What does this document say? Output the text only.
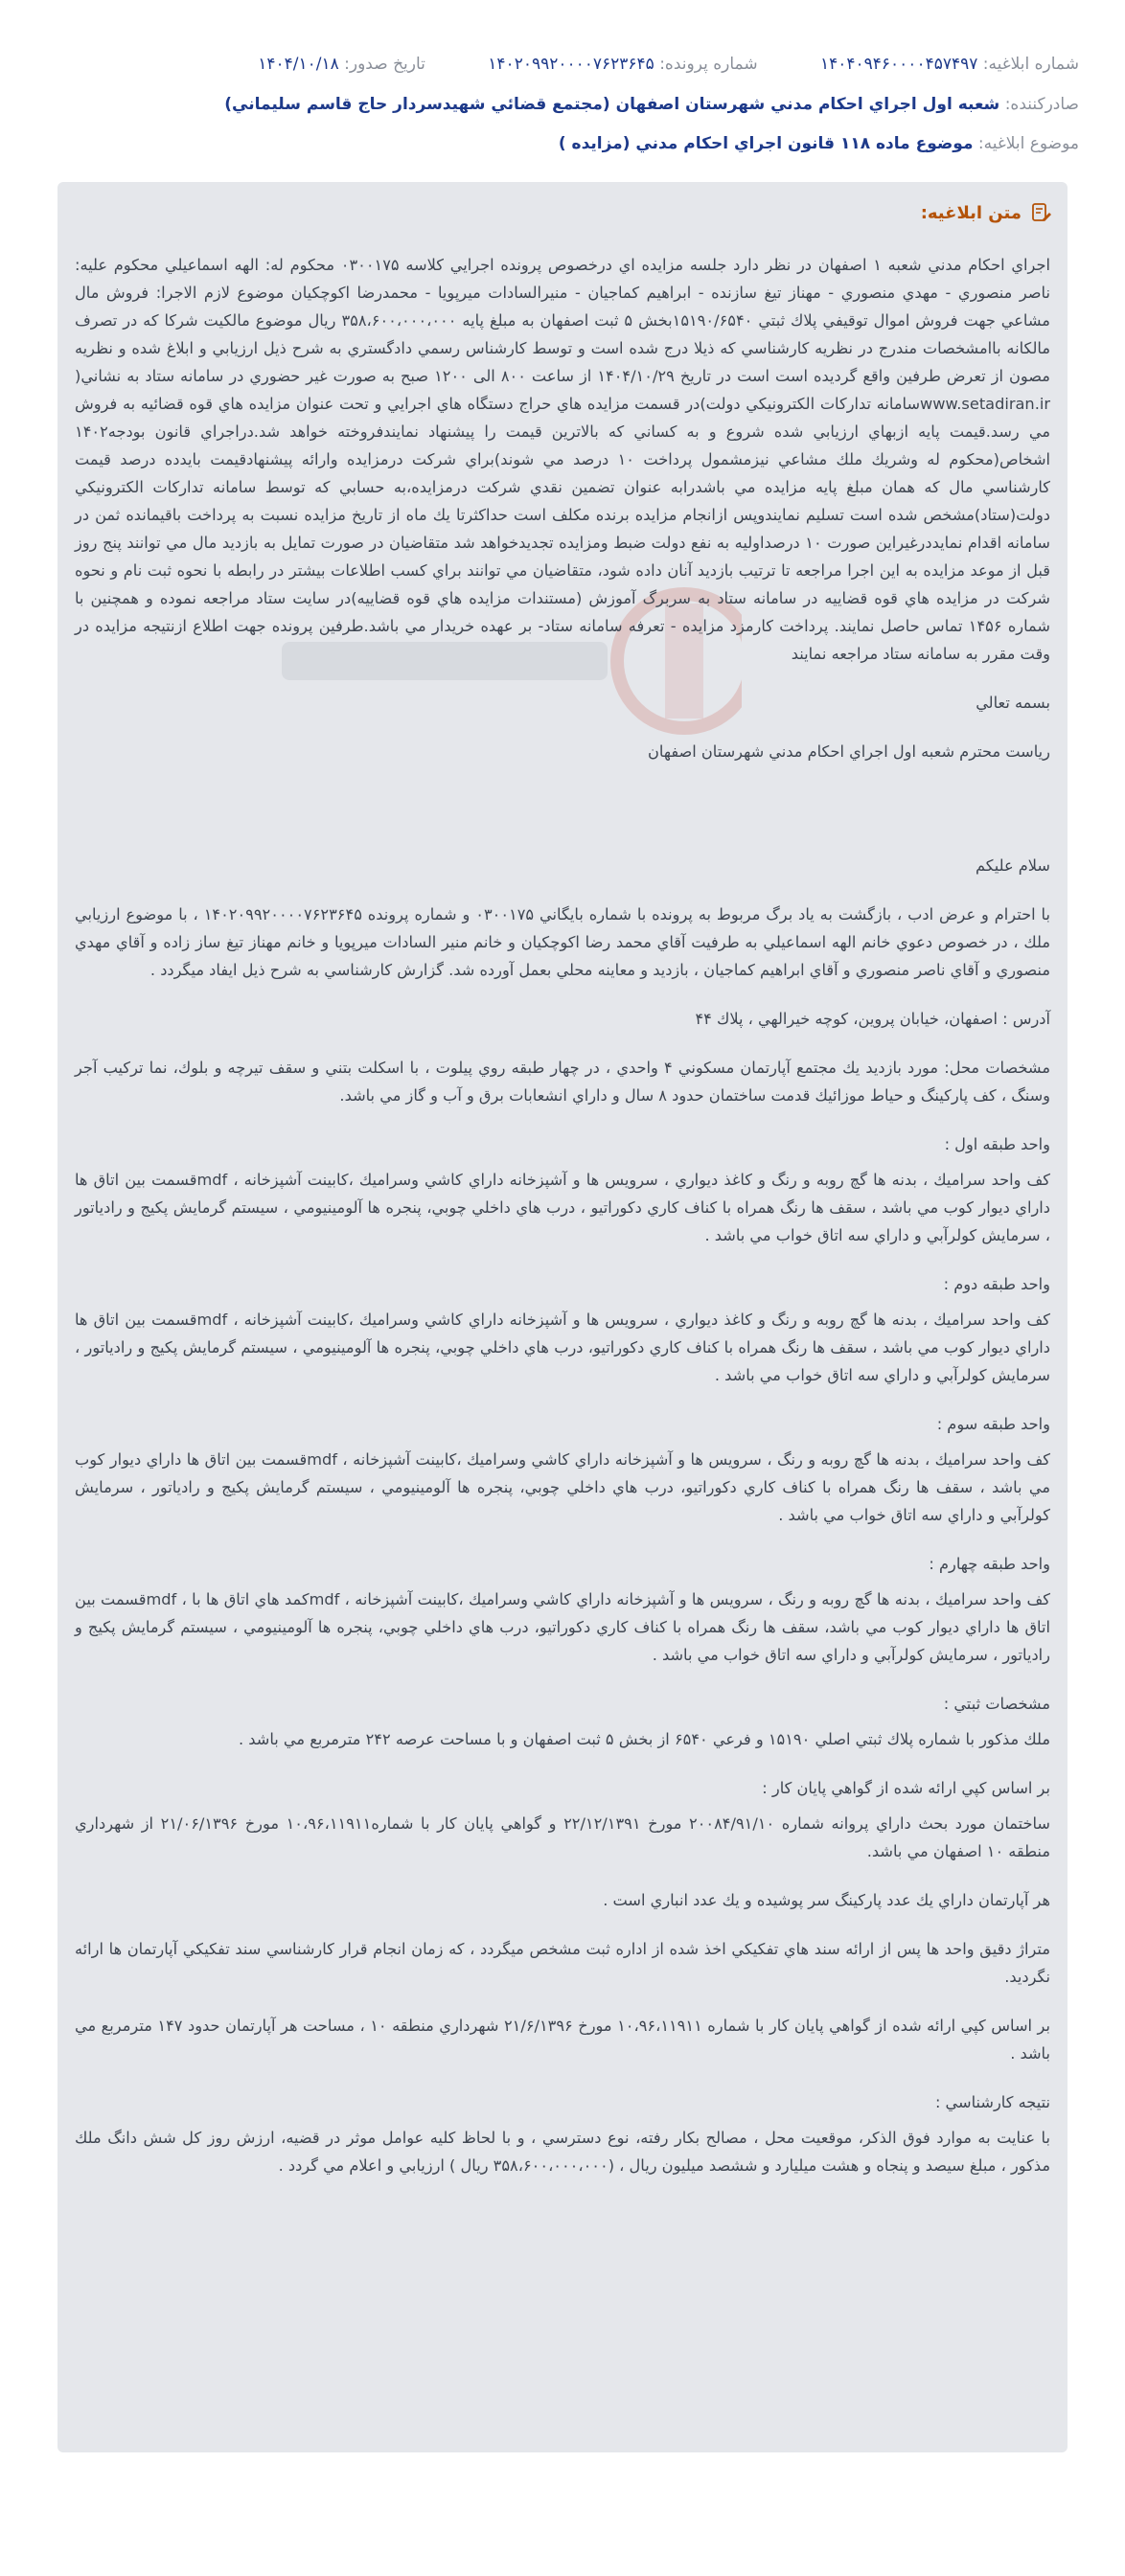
شماره ابلاغیه: ۱۴۰۴۰۹۴۶۰۰۰۰۴۵۷۴۹۷ شماره پرونده: ۱۴۰۲۰۹۹۲۰۰۰۰۷۶۲۳۶۴۵ تاریخ صدور: ۱۴۰۴/۱۰/۱۸
صادرکننده: شعبه اول اجراي احكام مدني شهرستان اصفهان (مجتمع قضائي شهيدسردار حاج قاسم سليماني)
موضوع ابلاغیه: موضوع ماده ۱۱۸ قانون اجراي احكام مدني (مزايده )
متن ابلاغیه:

اجراي احكام مدني شعبه ۱ اصفهان در نظر دارد جلسه مزايده اي درخصوص پرونده اجرايي كلاسه ۰۳۰۰۱۷۵ محكوم له: الهه اسماعيلي محكوم عليه: ناصر منصوري - مهدي منصوري - مهناز تيغ سازنده - ابراهيم كماجيان - منيرالسادات ميرپويا - محمدرضا اكوچكيان موضوع لازم الاجرا: فروش مال مشاعي جهت فروش اموال توقيفي پلاك ثبتي ۱۵۱۹۰/۶۵۴۰بخش ۵ ثبت اصفهان به مبلغ پايه ۳۵۸،۶۰۰،۰۰۰،۰۰۰ ريال موضوع مالكيت شركا كه در تصرف مالكانه باامشخصات مندرج در نظريه كارشناسي كه ذيلا درج شده است و توسط كارشناس رسمي دادگستري به شرح ذيل ارزيابي و ابلاغ شده و نظريه مصون از تعرض طرفين واقع گرديده است است در تاريخ ۱۴۰۴/۱۰/۲۹ از ساعت ۸۰۰ الی ۱۲۰۰ صبح به صورت غير حضوري در سامانه ستاد به نشاني( www.setadiran.irسامانه تداركات الكترونيكي دولت)در قسمت مزايده هاي حراج دستگاه هاي اجرايي و تحت عنوان مزايده هاي قوه قضائيه به فروش مي رسد.قيمت پايه ازبهاي ارزيابي شده شروع و به كساني كه بالاترين قيمت را پيشنهاد نمايندفروخته خواهد شد.دراجراي قانون بودجه۱۴۰۲ اشخاص(محكوم له وشريك ملك مشاعي نيزمشمول پرداخت ۱۰ درصد مي شوند)براي شركت درمزايده وارائه پيشنهادقيمت بايدده درصد قيمت كارشناسي مال كه همان مبلغ پايه مزايده مي باشدرابه عنوان تضمين نقدي شركت درمزايده،به حسابي كه توسط سامانه تداركات الكترونيكي دولت(ستاد)مشخص شده است تسليم نمايندوپس ازانجام مزايده برنده مكلف است حداكثرتا يك ماه از تاريخ مزايده نسبت به پرداخت باقيمانده ثمن در سامانه اقدام نمايددرغيراين صورت ۱۰ درصداوليه به نفع دولت ضبط ومزايده تجديدخواهد شد متقاضيان در صورت تمايل به بازديد مال مي توانند پنج روز قبل از موعد مزايده به اين اجرا مراجعه تا ترتيب بازديد آنان داده شود، متقاضيان مي توانند براي كسب اطلاعات بيشتر در رابطه با نحوه ثبت نام و نحوه شركت در مزايده هاي قوه قضاييه در سامانه ستاد به سربرگ آموزش (مستندات مزايده هاي قوه قضاييه)در سايت ستاد مراجعه نموده و همچنين با شماره ۱۴۵۶ تماس حاصل نمايند. پرداخت كارمزد مزايده - تعرفه سامانه ستاد- بر عهده خريدار مي باشد.طرفين پرونده جهت اطلاع ازنتيجه مزايده در وقت مقرر به سامانه ستاد مراجعه نمايند

بسمه تعالي

رياست محترم شعبه اول اجراي احكام مدني شهرستان اصفهان

سلام عليكم

با احترام و عرض ادب ، بازگشت به ياد برگ مربوط به پرونده با شماره بايگاني ۰۳۰۰۱۷۵ و شماره پرونده ۱۴۰۲۰۹۹۲۰۰۰۰۷۶۲۳۶۴۵ ، با موضوع ارزيابي ملك ، در خصوص دعوي خانم الهه اسماعيلي به طرفيت آقاي محمد رضا اكوچكيان و خانم منير السادات ميرپويا و خانم مهناز تيغ ساز زاده و آقاي مهدي منصوري و آقاي ناصر منصوري و آقاي ابراهيم كماجيان ، بازديد و معاينه محلي بعمل آورده شد. گزارش كارشناسي به شرح ذيل ايفاد ميگردد .

آدرس : اصفهان، خيابان پروين، كوچه خيرالهي ، پلاك ۴۴

مشخصات محل: مورد بازديد يك مجتمع آپارتمان مسكوني ۴ واحدي ، در چهار طبقه روي پيلوت ، با اسكلت بتني و سقف تيرچه و بلوك، نما تركيب آجر وسنگ ، كف پاركينگ و حياط موزائيك قدمت ساختمان حدود ۸ سال و داراي انشعابات برق و آب و گاز مي باشد.

واحد طبقه اول :

كف واحد سراميك ، بدنه ها گچ روبه و رنگ و كاغذ ديواري ، سرويس ها و آشپزخانه داراي كاشي وسراميك ،كابينت آشپزخانه ، mdfقسمت بين اتاق ها داراي ديوار كوب مي باشد ، سقف ها رنگ همراه با كناف كاري دكوراتيو ، درب هاي داخلي چوبي، پنجره ها آلومينيومي ، سيستم گرمايش پكيج و رادياتور ، سرمايش كولرآبي و داراي سه اتاق خواب مي باشد .

واحد طبقه دوم :

كف واحد سراميك ، بدنه ها گچ روبه و رنگ و كاغذ ديواري ، سرويس ها و آشپزخانه داراي كاشي وسراميك ،كابينت آشپزخانه ، mdfقسمت بين اتاق ها داراي ديوار كوب مي باشد ، سقف ها رنگ همراه با كناف كاري دكوراتيو، درب هاي داخلي چوبي، پنجره ها آلومينيومي ، سيستم گرمايش پكيج و رادياتور ، سرمايش كولرآبي و داراي سه اتاق خواب مي باشد .

واحد طبقه سوم :

كف واحد سراميك ، بدنه ها گچ روبه و رنگ ، سرويس ها و آشپزخانه داراي كاشي وسراميك ،كابينت آشپزخانه ، mdfقسمت بين اتاق ها داراي ديوار كوب مي باشد ، سقف ها رنگ همراه با كناف كاري دكوراتيو، درب هاي داخلي چوبي، پنجره ها آلومينيومي ، سيستم گرمايش پكيج و رادياتور ، سرمايش كولرآبي و داراي سه اتاق خواب مي باشد .

واحد طبقه چهارم :

كف واحد سراميك ، بدنه ها گچ روبه و رنگ ، سرويس ها و آشپزخانه داراي كاشي وسراميك ،كابينت آشپزخانه ، mdfكمد هاي اتاق ها با ، mdfقسمت بين اتاق ها داراي ديوار كوب مي باشد، سقف ها رنگ همراه با كناف كاري دكوراتيو، درب هاي داخلي چوبي، پنجره ها آلومينيومي ، سيستم گرمايش پكيج و رادياتور ، سرمايش كولرآبي و داراي سه اتاق خواب مي باشد .

مشخصات ثبتي :

ملك مذكور با شماره پلاك ثبتي اصلي ۱۵۱۹۰ و فرعي ۶۵۴۰ از بخش ۵ ثبت اصفهان و با مساحت عرصه ۲۴۲ مترمربع مي باشد .

بر اساس كپي ارائه شده از گواهي پايان كار :

ساختمان مورد بحث داراي پروانه شماره ۲۰۰۸۴/۹۱/۱۰ مورخ ۲۲/۱۲/۱۳۹۱ و گواهي پايان كار با شماره۱۰،۹۶،۱۱۹۱۱ مورخ ۲۱/۰۶/۱۳۹۶ از شهرداري منطقه ۱۰ اصفهان مي باشد.

هر آپارتمان داراي يك عدد پاركينگ سر پوشيده و يك عدد انباري است .

متراژ دقيق واحد ها پس از ارائه سند هاي تفكيكي اخذ شده از اداره ثبت مشخص ميگردد ، كه زمان انجام قرار كارشناسي سند تفكيكي آپارتمان ها ارائه نگرديد.

بر اساس كپي ارائه شده از گواهي پايان كار با شماره ۱۰،۹۶،۱۱۹۱۱ مورخ ۲۱/۶/۱۳۹۶ شهرداري منطقه ۱۰ ، مساحت هر آپارتمان حدود ۱۴۷ مترمربع مي باشد .

نتيجه كارشناسي :

با عنايت به موارد فوق الذكر، موقعيت محل ، مصالح بكار رفته، نوع دسترسي ، و با لحاظ كليه عوامل موثر در قضيه، ارزش روز كل شش دانگ ملك مذكور ، مبلغ سيصد و پنجاه و هشت ميليارد و ششصد ميليون ريال ، (۳۵۸،۶۰۰،۰۰۰،۰۰۰ ريال ) ارزيابي و اعلام مي گردد .
